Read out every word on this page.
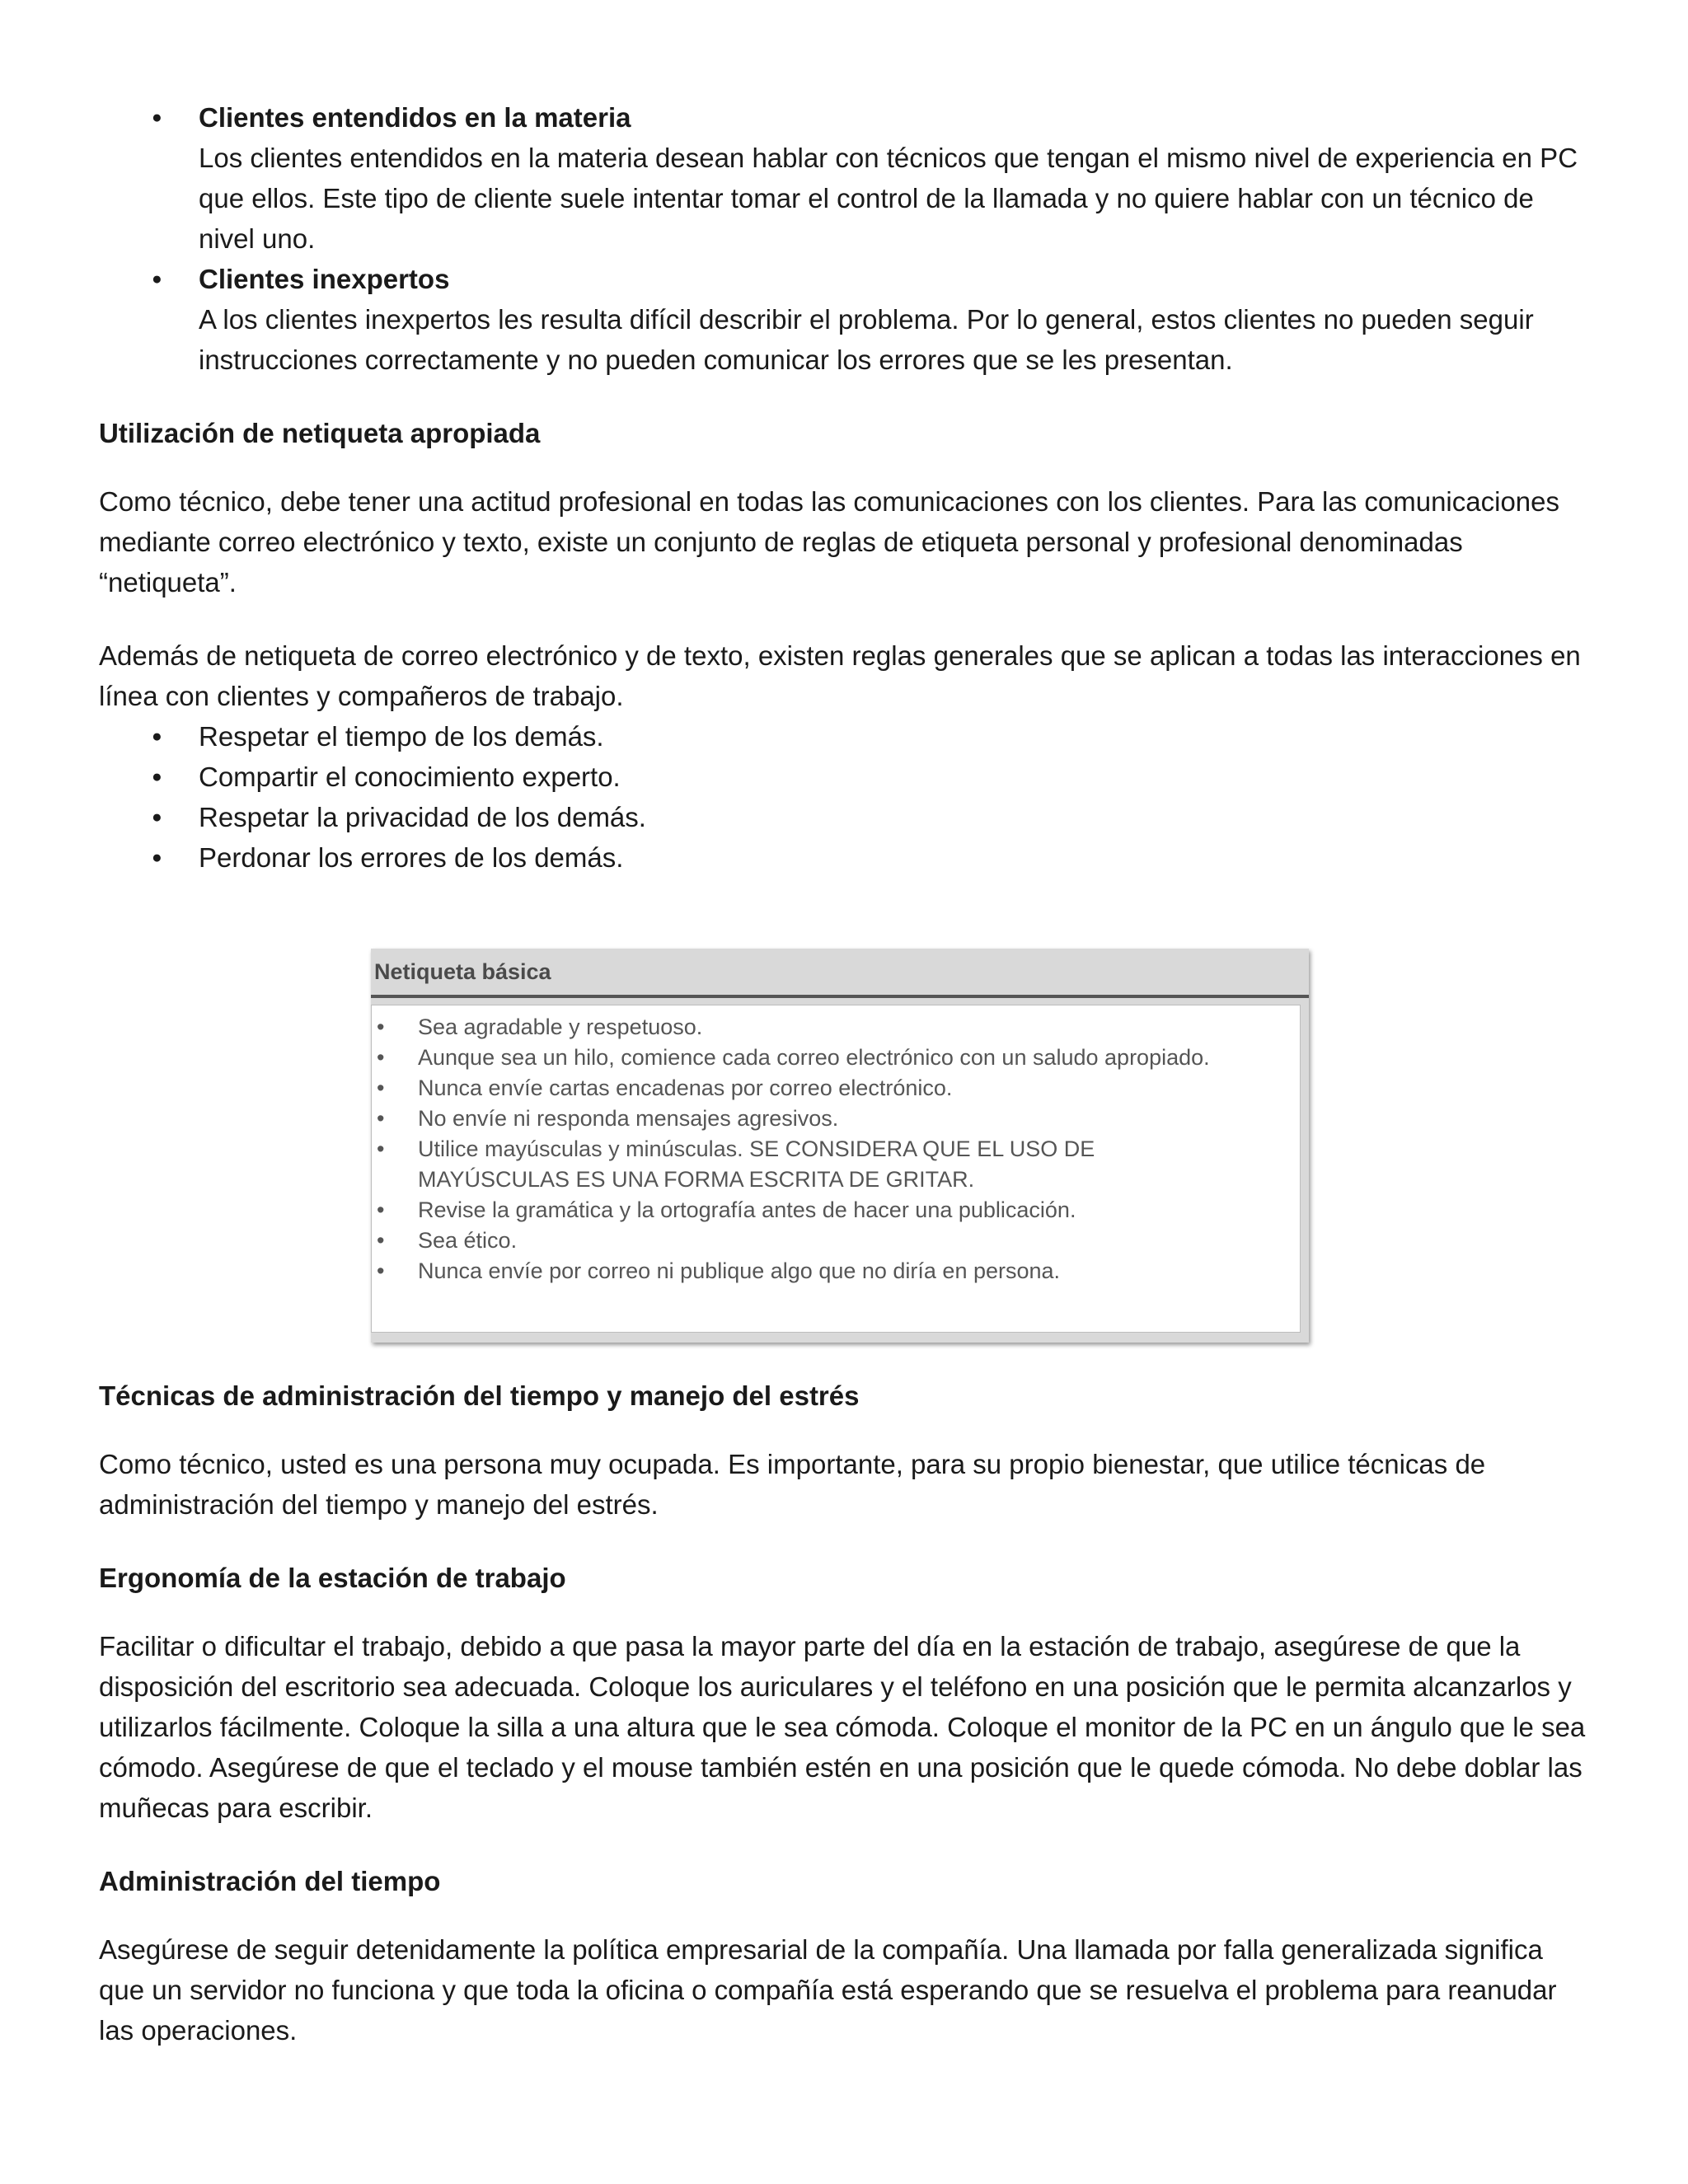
● Clientes entendidos en la materia
Los clientes entendidos en la materia desean hablar con técnicos que tengan el mismo nivel de experiencia en PC que ellos. Este tipo de cliente suele intentar tomar el control de la llamada y no quiere hablar con un técnico de nivel uno.
● Clientes inexpertos
A los clientes inexpertos les resulta difícil describir el problema. Por lo general, estos clientes no pueden seguir instrucciones correctamente y no pueden comunicar los errores que se les presentan.
Utilización de netiqueta apropiada

Como técnico, debe tener una actitud profesional en todas las comunicaciones con los clientes. Para las comunicaciones mediante correo electrónico y texto, existe un conjunto de reglas de etiqueta personal y profesional denominadas “netiqueta”.

Además de netiqueta de correo electrónico y de texto, existen reglas generales que se aplican a todas las interacciones en línea con clientes y compañeros de trabajo.

● Respetar el tiempo de los demás.
● Compartir el conocimiento experto.
● Respetar la privacidad de los demás.
● Perdonar los errores de los demás.
Netiqueta básica
• Sea agradable y respetuoso.
• Aunque sea un hilo, comience cada correo electrónico con un saludo apropiado.
• Nunca envíe cartas encadenas por correo electrónico.
• No envíe ni responda mensajes agresivos.
• Utilice mayúsculas y minúsculas. SE CONSIDERA QUE EL USO DE MAYÚSCULAS ES UNA FORMA ESCRITA DE GRITAR.
• Revise la gramática y la ortografía antes de hacer una publicación.
• Sea ético.
• Nunca envíe por correo ni publique algo que no diría en persona.
Técnicas de administración del tiempo y manejo del estrés

Como técnico, usted es una persona muy ocupada. Es importante, para su propio bienestar, que utilice técnicas de administración del tiempo y manejo del estrés.

Ergonomía de la estación de trabajo

Facilitar o dificultar el trabajo, debido a que pasa la mayor parte del día en la estación de trabajo, asegúrese de que la disposición del escritorio sea adecuada. Coloque los auriculares y el teléfono en una posición que le permita alcanzarlos y utilizarlos fácilmente. Coloque la silla a una altura que le sea cómoda. Coloque el monitor de la PC en un ángulo que le sea cómodo. Asegúrese de que el teclado y el mouse también estén en una posición que le quede cómoda. No debe doblar las muñecas para escribir.

Administración del tiempo

Asegúrese de seguir detenidamente la política empresarial de la compañía. Una llamada por falla generalizada significa que un servidor no funciona y que toda la oficina o compañía está esperando que se resuelva el problema para reanudar las operaciones.
